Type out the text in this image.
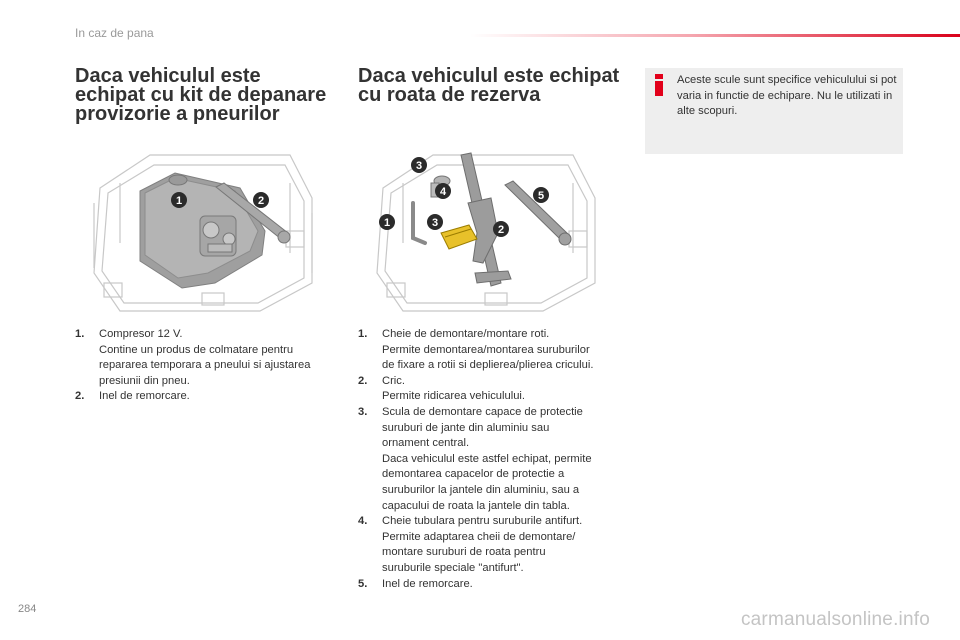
In caz de pana
Daca vehiculul este
echipat cu kit de depanare
provizorie a pneurilor
1	2
1.	Compresor 12 V.
Contine un produs de colmatare pentru
repararea temporara a pneului si ajustarea
presiunii din pneu.
2.	Inel de remorcare.
Daca vehiculul este echipat
cu roata de rezerva
3
4	5
1	3
2
1.	Cheie de demontare/montare roti.
Permite demontarea/montarea suruburilor
de fixare a rotii si deplierea/plierea cricului.
2.	Cric.
Permite ridicarea vehiculului.
3.	Scula de demontare capace de protectie
suruburi de jante din aluminiu sau
ornament central.
Daca vehiculul este astfel echipat, permite
demontarea capacelor de protectie a
suruburilor la jantele din aluminiu, sau a
capacului de roata la jantele din tabla.
4.	Cheie tubulara pentru suruburile antifurt.
Permite adaptarea cheii de demontare/
montare suruburi de roata pentru
suruburile speciale "antifurt".
5.	Inel de remorcare.
Aceste scule sunt specifice vehiculului si pot varia in functie de echipare. Nu le utilizati in alte scopuri.
284	carmanualsonline.info
